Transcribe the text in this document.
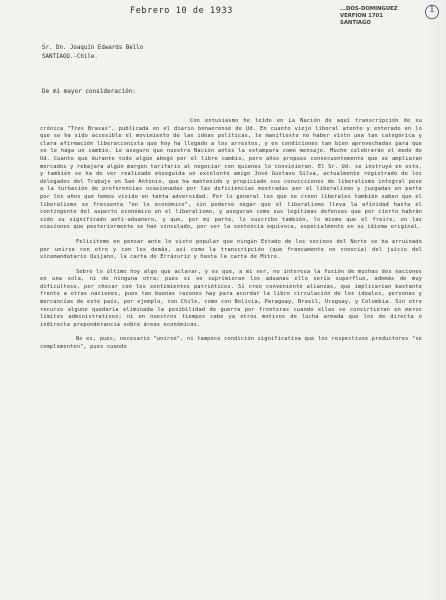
Febrero 10 de 1933	...DOS-DOMINGUEZ
VERFION 1701
SANTIAGO
1
Sr. Dn. Joaquín Edwards Bello
SANTIAGO.-Chile.
De mi mayor consideración:

Con entusiasmo he leído en La Nación de aquí transcripción de su crónica "Tres Brasas", publicada en el diario bonaerense de Ud. En cuanto viejo liberal atento y enterado en lo que se ha sido accesible el movimiento de las ideas políticas, le manifiesto no haber visto una tan categórica y clara afirmación liberacionista que hoy ha llegado a los arrestos, y en condiciones tan bien aprovechadas para que se le haga un cambio. Le aseguro que nuestra Nación antes la estampara como mensaje. Mucho celebrarán el modo de Ud. Cuanto que durante todo algún abogó por el libre cambio, pero años propuso consecuentemente que se ampliaran mercados y rebajara algún margen tarifario al negociar con quienes lo convinieran. El Sr. Ud. se instruyó en esto, y también se ha de ver realizado enseguida un excelente amigo José Gustavo Silva, actualmente registrado de los delegados del Trabajo en San Antonio, que ha mantenido y propiciado sus convicciones de liberalismo integral pese a la turbación de preferencias ocasionadas por las deficiencias mostradas por el liberalismo y juzgadas en parte por los años que hemos vivido en tanta adversidad. Por lo general los que se creen liberales también saben que el liberalismo se frecuenta "en lo económico", sin poderse negar que el liberalismo lleva la afinidad hasta el contingente del aspecto económico en el liberalismo, y aseguran como sus legítimas defensas que por cierto habrán sido su significado anti-aduanero, y que, por mi parte, lo suscribo también, lo mismo que el freire, en las ocasiones que posteriormente se han vinculado, por ver la sentencia equívoca, especialmente en su idioma original.

Felicítome en pensar ante lo visto popular que ningún Estado de los vecinos del Norte se ha arruinado por unirse con otro y con los demás, así como la transcripción (que francamente no conocía) del juicio del vicemandatario Quijano, la carta de Errázuriz y hasta la carta de Mitre.

Sobre lo último hoy algo que aclarar, y es que, a mi ver, no interesa la fusión de muchas dos naciones en una sola, ni de ninguna otra; pues si se suprimieran los aduanas ello sería superfluo, además de muy dificultoso, por chocar con los sentimientos patrióticos. Sí creo conveniente alianzas, que implicarían bastante frente a otras naciones, pues tan buenas razones hay para acordar la libre circulación de los ideales, personas y mercancías de este país, por ejemplo, con Chile, como con Bolivia, Paraguay, Brasil, Uruguay, y Colombia. Sin otro recurso alguno quedaría eliminada la posibilidad de guerra por fronteras cuando ellas se convirtieran en meros límites administrativos; ni en nuestros tiempos cabe ya otros motivos de lucha armada que los de directa o indirecta preponderancia sobre áreas económicas.

No es, pues, necesario "unirse", ni tampoco condición significativa que los respectivos productores "se complementen", pues cuando
